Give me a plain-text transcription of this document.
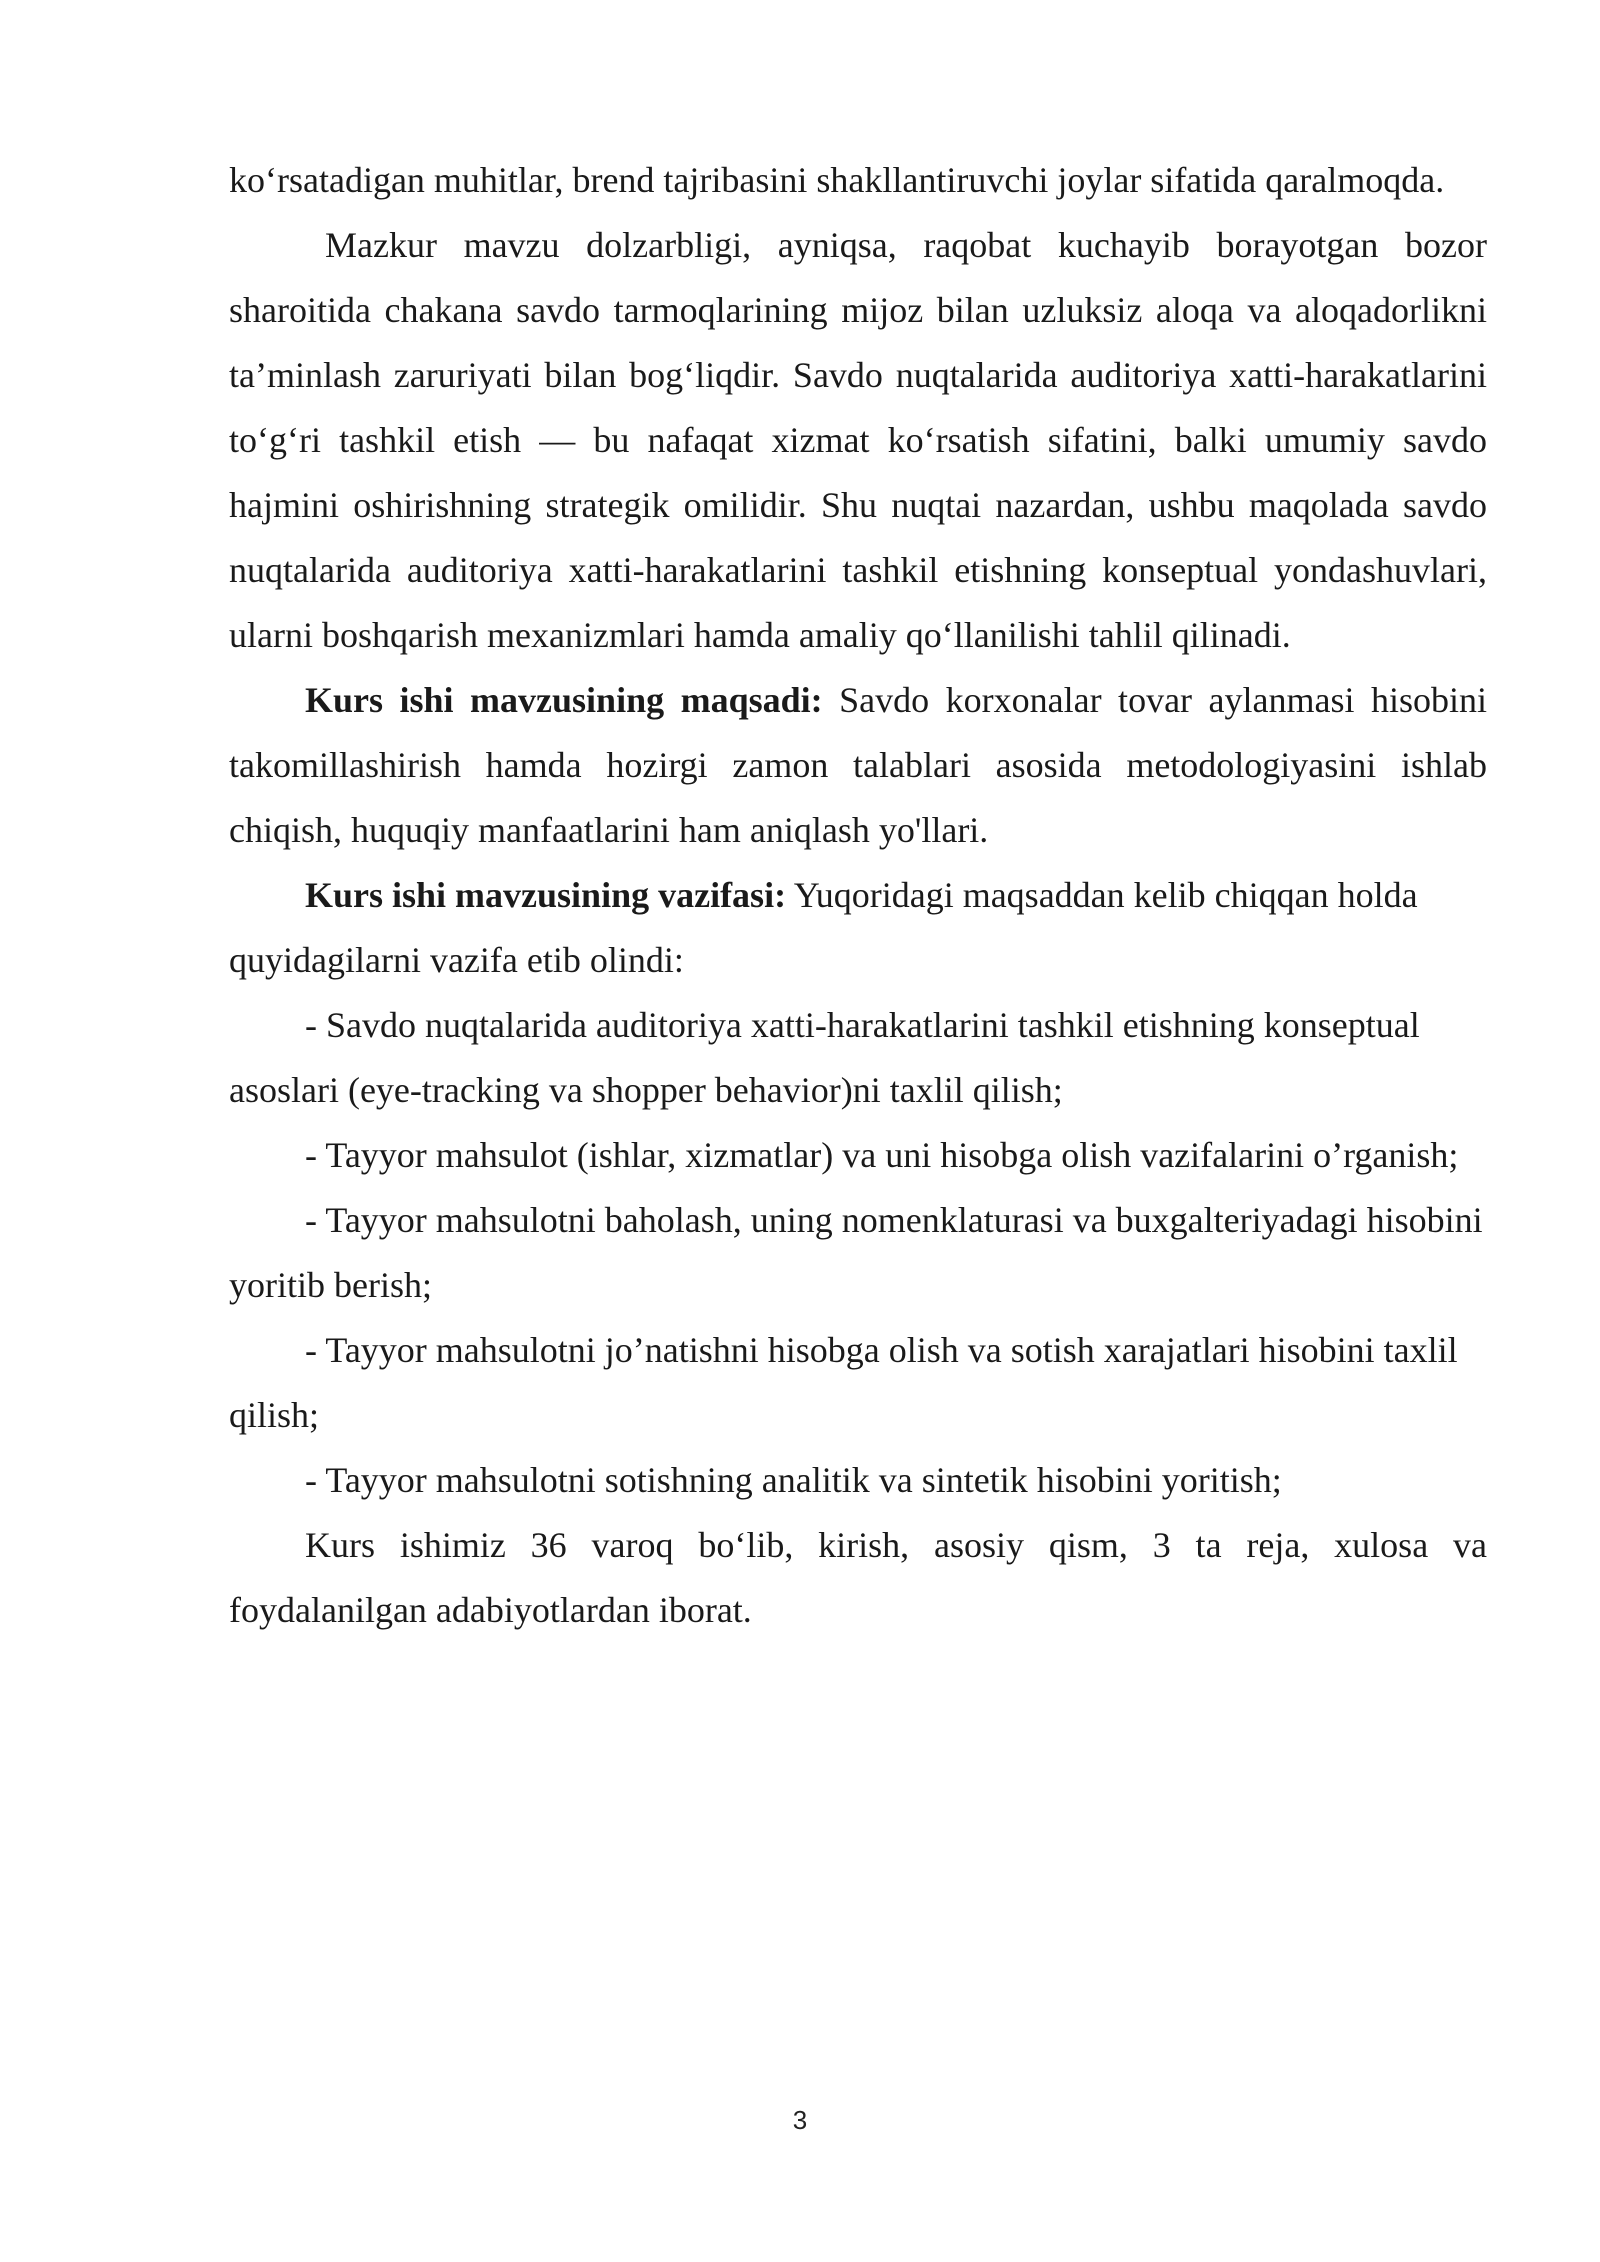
ko‘rsatadigan muhitlar, brend tajribasini shakllantiruvchi joylar sifatida qaralmoqda.

Mazkur mavzu dolzarbligi, ayniqsa, raqobat kuchayib borayotgan bozor sharoitida chakana savdo tarmoqlarining mijoz bilan uzluksiz aloqa va aloqadorlikni ta’minlash zaruriyati bilan bog‘liqdir. Savdo nuqtalarida auditoriya xatti-harakatlarini to‘g‘ri tashkil etish — bu nafaqat xizmat ko‘rsatish sifatini, balki umumiy savdo hajmini oshirishning strategik omilidir. Shu nuqtai nazardan, ushbu maqolada savdo nuqtalarida auditoriya xatti-harakatlarini tashkil etishning konseptual yondashuvlari, ularni boshqarish mexanizmlari hamda amaliy qo‘llanilishi tahlil qilinadi.

Kurs ishi mavzusining maqsadi: Savdo korxonalar tovar aylanmasi hisobini takomillashirish hamda hozirgi zamon talablari asosida metodologiyasini ishlab chiqish, huquqiy manfaatlarini ham aniqlash yo'llari.

Kurs ishi mavzusining vazifasi: Yuqoridagi maqsaddan kelib chiqqan holda quyidagilarni vazifa etib olindi:

- Savdo nuqtalarida auditoriya xatti-harakatlarini tashkil etishning konseptual asoslari (eye-tracking va shopper behavior)ni taxlil qilish;

- Tayyor mahsulot (ishlar, xizmatlar) va uni hisobga olish vazifalarini o’rganish;

- Tayyor mahsulotni baholash, uning nomenklaturasi va buxgalteriyadagi hisobini yoritib berish;

- Tayyor mahsulotni jo’natishni hisobga olish va sotish xarajatlari hisobini taxlil qilish;

- Tayyor mahsulotni sotishning analitik va sintetik hisobini yoritish;

Kurs ishimiz 36 varoq bo‘lib, kirish, asosiy qism, 3 ta reja, xulosa va foydalanilgan adabiyotlardan iborat.

3
